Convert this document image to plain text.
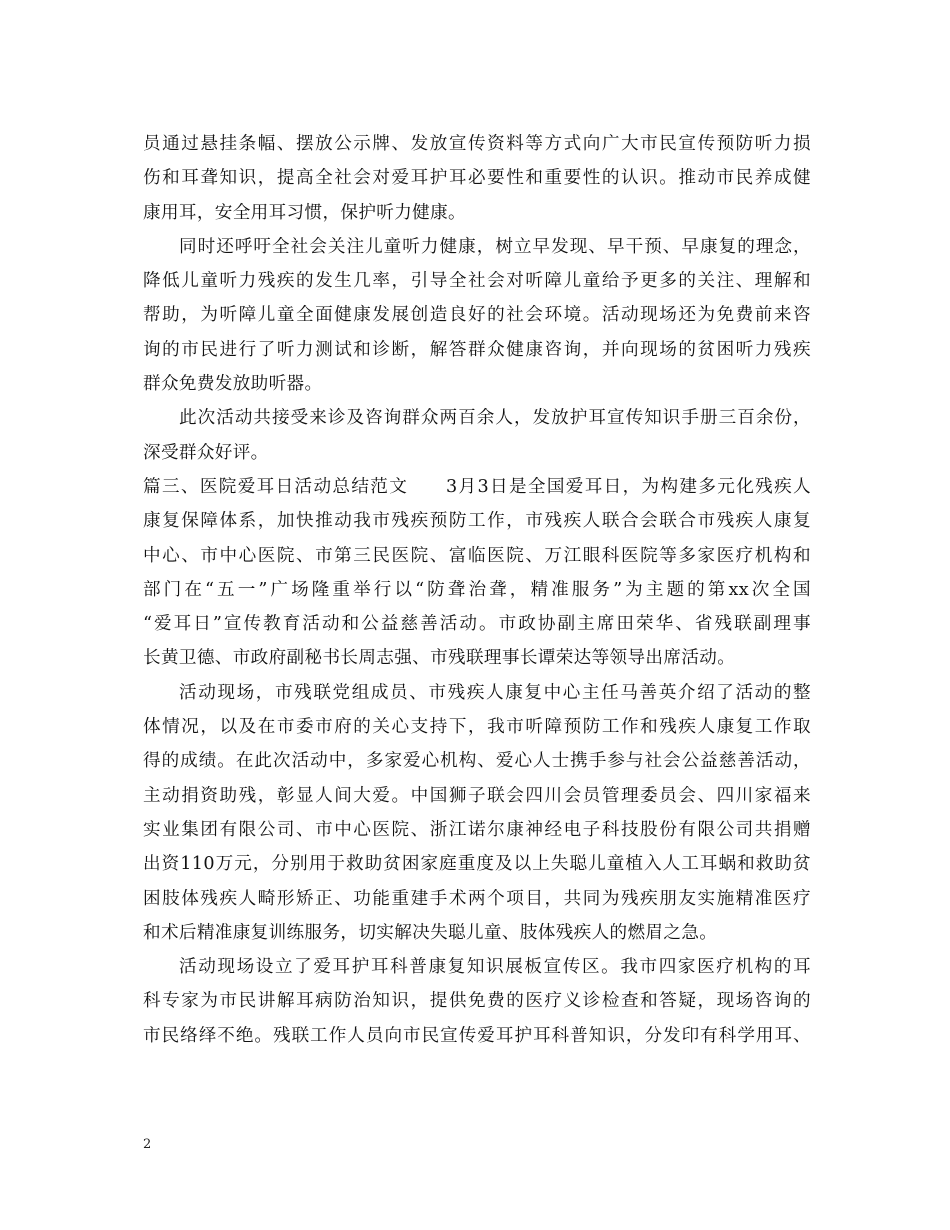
员通过悬挂条幅、摆放公示牌、发放宣传资料等方式向广大市民宣传预防听力损
伤和耳聋知识，提高全社会对爱耳护耳必要性和重要性的认识。推动市民养成健
康用耳，安全用耳习惯，保护听力健康。
同时还呼吁全社会关注儿童听力健康，树立早发现、早干预、早康复的理念，
降低儿童听力残疾的发生几率，引导全社会对听障儿童给予更多的关注、理解和
帮助，为听障儿童全面健康发展创造良好的社会环境。活动现场还为免费前来咨
询的市民进行了听力测试和诊断，解答群众健康咨询，并向现场的贫困听力残疾
群众免费发放助听器。
此次活动共接受来诊及咨询群众两百余人，发放护耳宣传知识手册三百余份，
深受群众好评。
篇三、医院爱耳日活动总结范文　　3月3日是全国爱耳日，为构建多元化残疾人
康复保障体系，加快推动我市残疾预防工作，市残疾人联合会联合市残疾人康复
中心、市中心医院、市第三民医院、富临医院、万江眼科医院等多家医疗机构和
部门在“五一”广场隆重举行以“防聋治聋，精准服务”为主题的第xx次全国
“爱耳日”宣传教育活动和公益慈善活动。市政协副主席田荣华、省残联副理事
长黄卫德、市政府副秘书长周志强、市残联理事长谭荣达等领导出席活动。
活动现场，市残联党组成员、市残疾人康复中心主任马善英介绍了活动的整
体情况，以及在市委市府的关心支持下，我市听障预防工作和残疾人康复工作取
得的成绩。在此次活动中，多家爱心机构、爱心人士携手参与社会公益慈善活动，
主动捐资助残，彰显人间大爱。中国狮子联会四川会员管理委员会、四川家福来
实业集团有限公司、市中心医院、浙江诺尔康神经电子科技股份有限公司共捐赠
出资110万元，分别用于救助贫困家庭重度及以上失聪儿童植入人工耳蜗和救助贫
困肢体残疾人畸形矫正、功能重建手术两个项目，共同为残疾朋友实施精准医疗
和术后精准康复训练服务，切实解决失聪儿童、肢体残疾人的燃眉之急。
活动现场设立了爱耳护耳科普康复知识展板宣传区。我市四家医疗机构的耳
科专家为市民讲解耳病防治知识，提供免费的医疗义诊检查和答疑，现场咨询的
市民络绎不绝。残联工作人员向市民宣传爱耳护耳科普知识，分发印有科学用耳、
2
